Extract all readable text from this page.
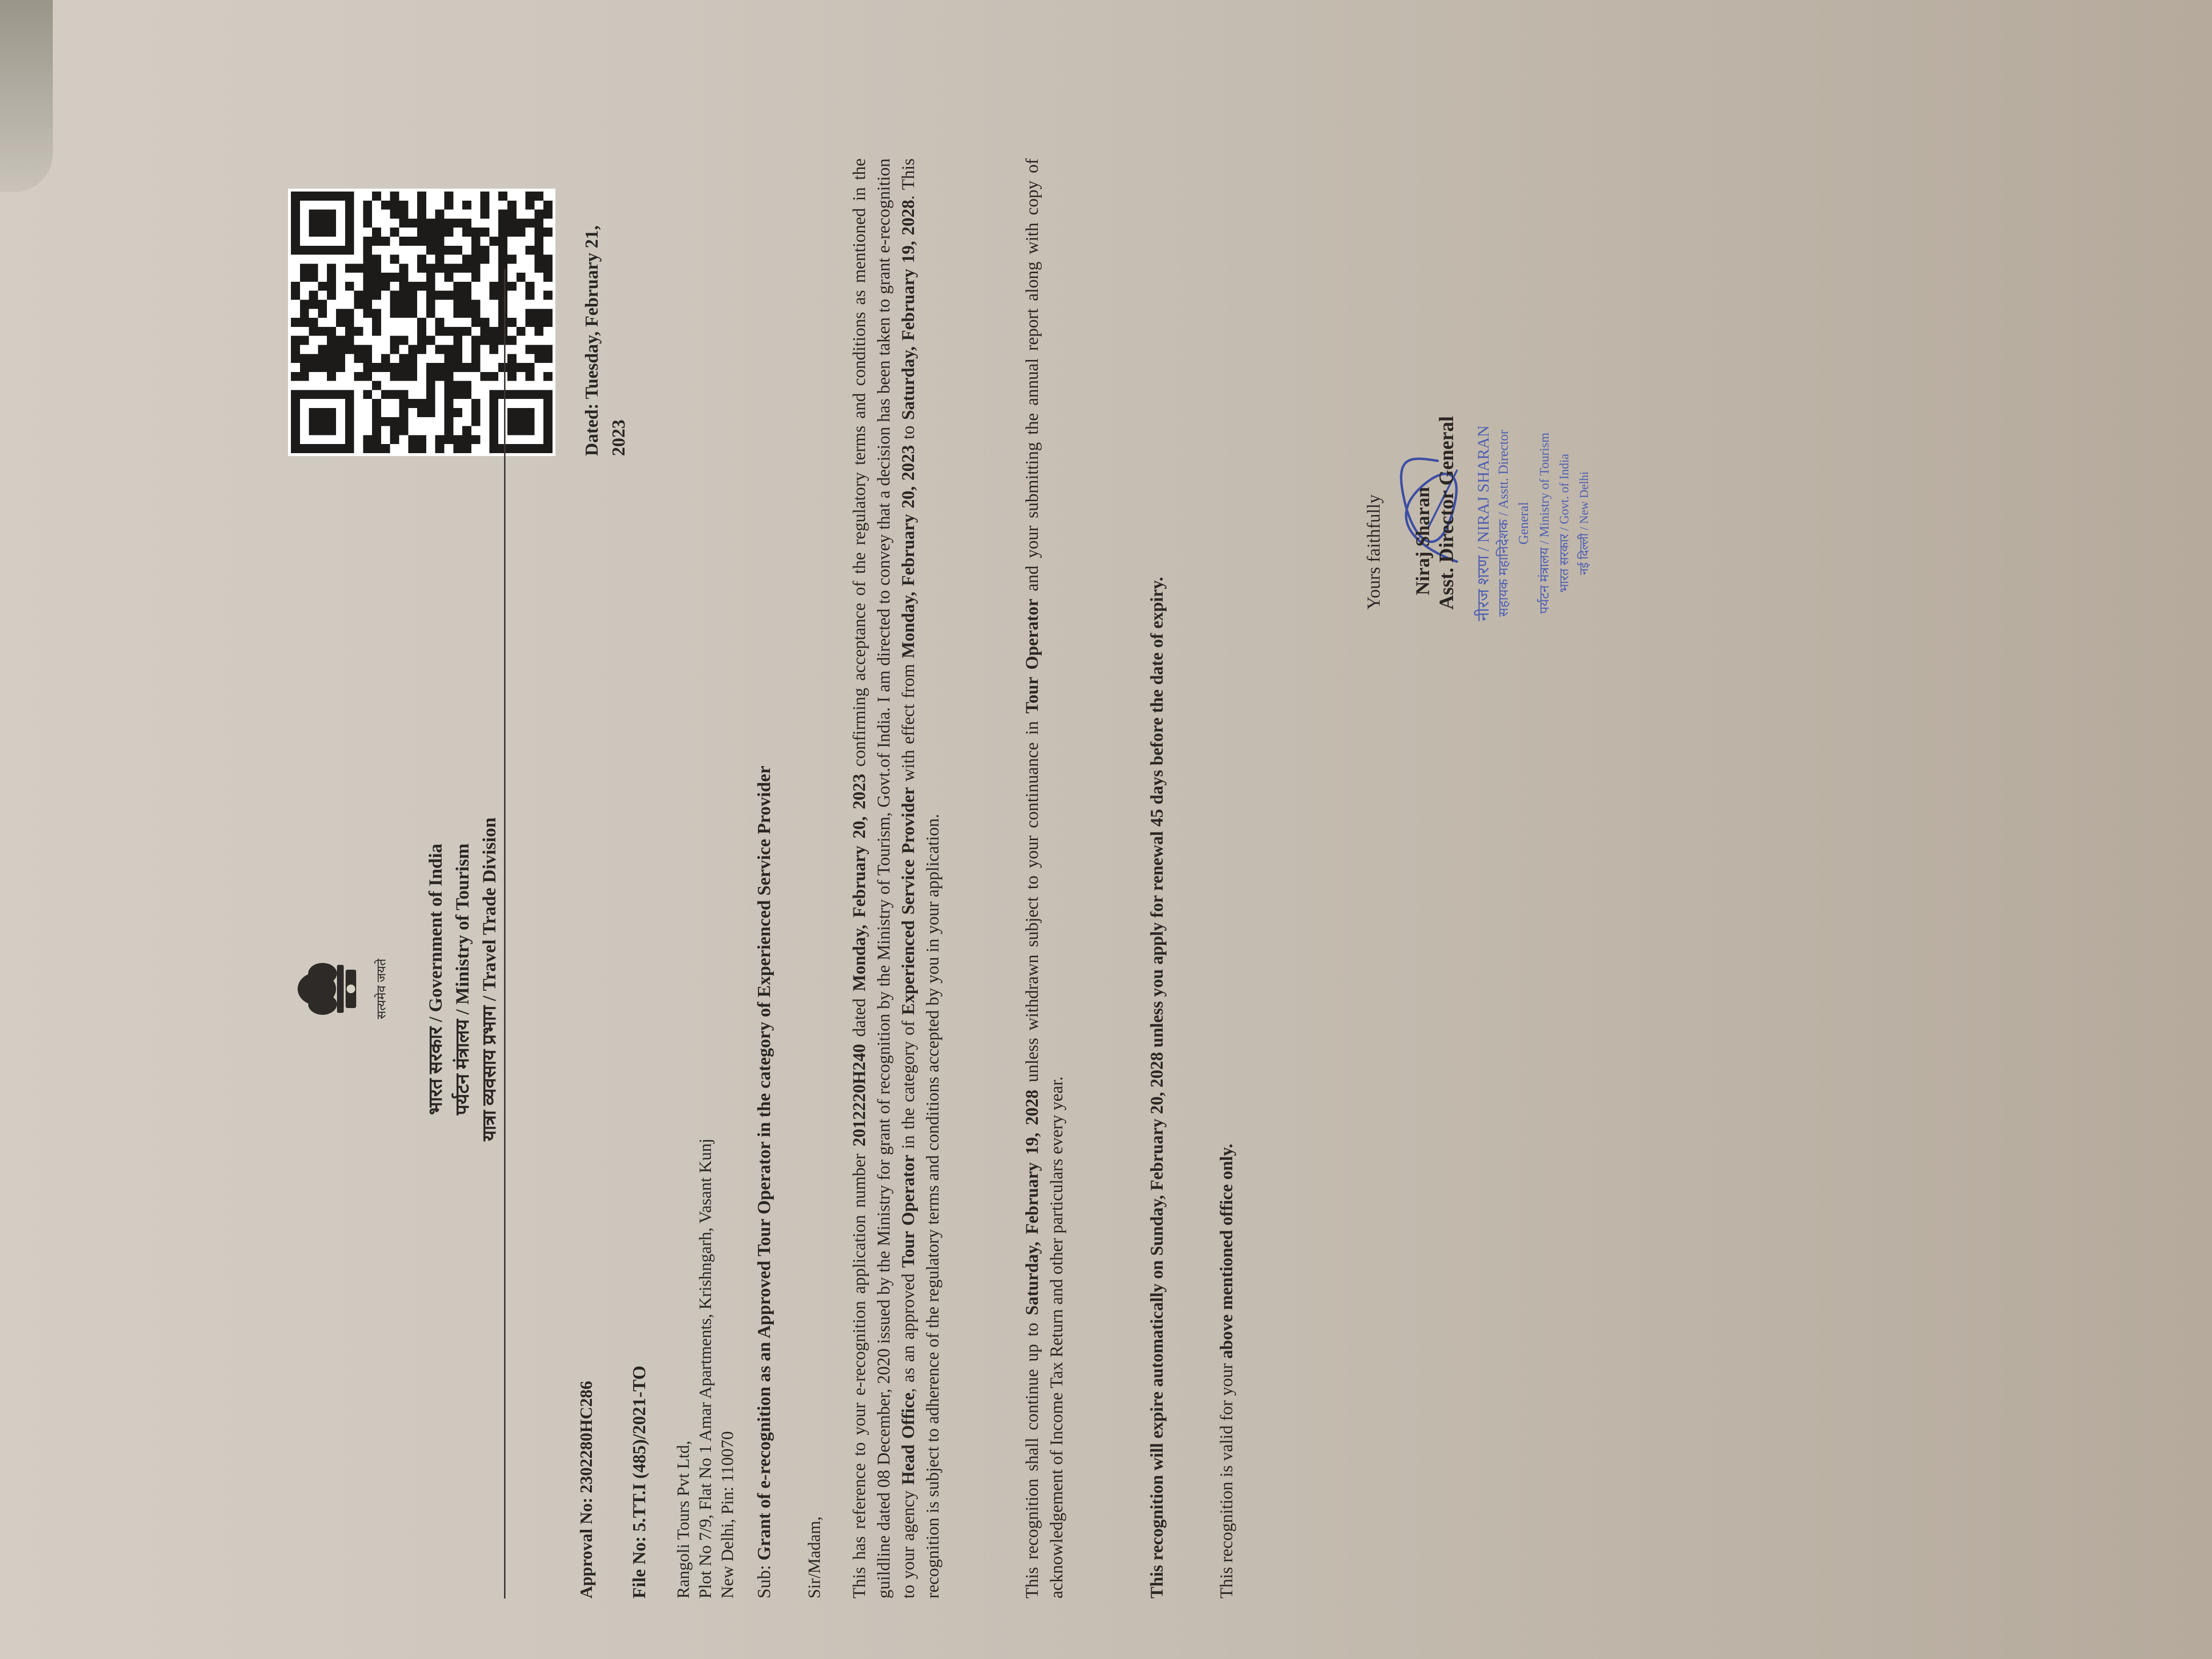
सत्यमेव जयते भारत सरकार / Government of India पर्यटन मंत्रालय / Ministry of Tourism यात्रा व्यवसाय प्रभाग / Travel Trade Division
Approval No: 2302280HC286
Dated: Tuesday, February 21, 2023
File No: 5.TT.I (485)/2021-TO Rangoli Tours Pvt Ltd, Plot No 7/9, Flat No 1 Amar Apartments, Krishngarh, Vasant Kunj New Delhi, Pin: 110070 Sub: Grant of e-recognition as an Approved Tour Operator in the category of Experienced Service Provider Sir/Madam, This has reference to your e-recognition application number 2012220H240 dated Monday, February 20, 2023 confirming acceptance of the regulatory terms and conditions as mentioned in the guildline dated 08 December, 2020 issued by the Ministry for grant of recognition by the Ministry of Tourism, Govt.of India. I am directed to convey that a decision has been taken to grant e-recognition to your agency Head Office, as an approved Tour Operator in the category of Experienced Service Provider with effect from Monday, February 20, 2023 to Saturday, February 19, 2028. This recognition is subject to adherence of the regulatory terms and conditions accepted by you in your application.	This recognition shall continue up to Saturday, February 19, 2028 unless withdrawn subject to your continuance in Tour Operator and your submitting the annual report along with copy of acknowledgement of Income Tax Return and other particulars every year.	This recognition will expire automatically on Sunday, February 20, 2028 unless you apply for renewal 45 days before the date of expiry.	This recognition is valid for your above mentioned office only.
Yours faithfully Niraj Sharan Asst. Director General नीरज शरण / NIRAJ SHARAN सहायक महानिदेशक / Asstt. Director General पर्यटन मंत्रालय / Ministry of Tourism भारत सरकार / Govt. of India नई दिल्ली / New Delhi
